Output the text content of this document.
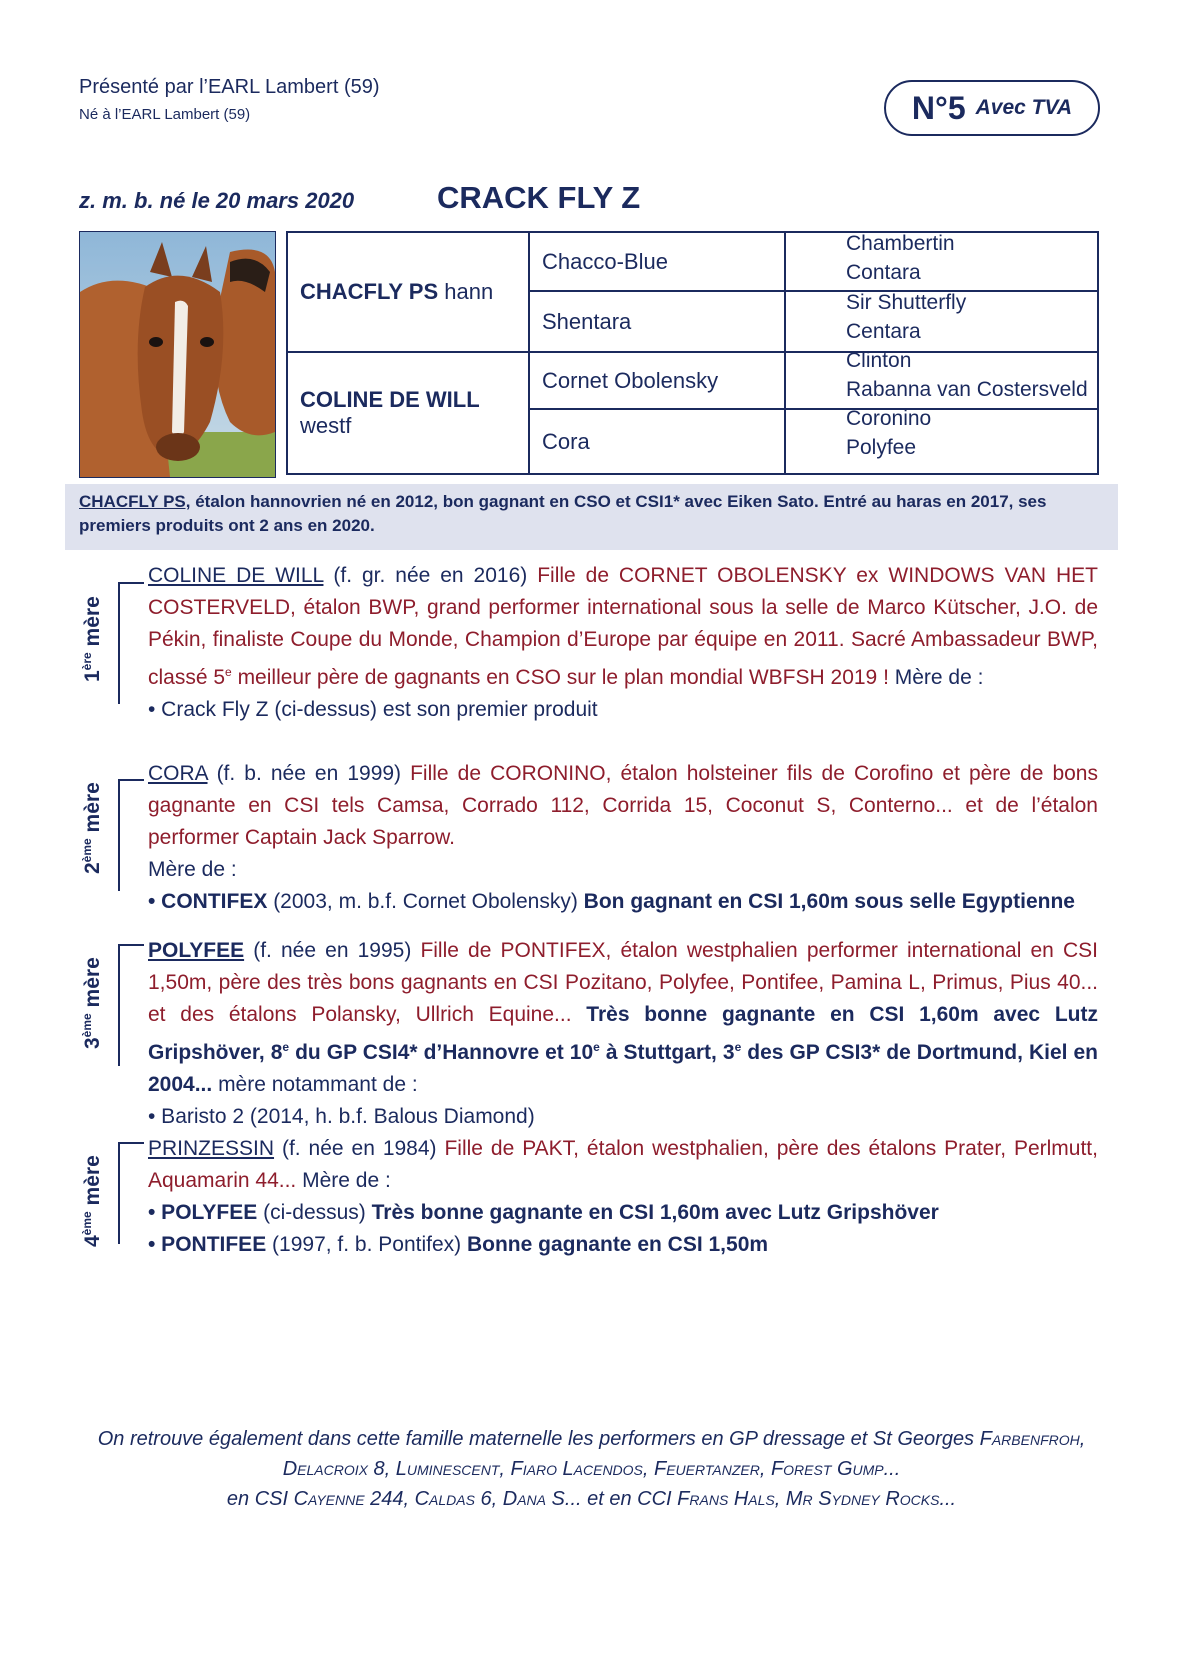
Présenté par l’EARL Lambert (59)
Né à l’EARL Lambert (59)	N°5 Avec TVA
z. m. b. né le 20 mars 2020	CRACK FLY Z
CHACFLY PS hann
COLINE DE WILL westf
Chacco-Blue
Shentara
Cornet Obolensky
Cora
Chambertin
Contara
Sir Shutterfly
Centara
Clinton
Rabanna van Costersveld
Coronino
Polyfee
CHACFLY PS, étalon hannovrien né en 2012, bon gagnant en CSO et CSI1* avec Eiken Sato. Entré au haras en 2017, ses premiers produits ont 2 ans en 2020.
1ère mère

COLINE DE WILL (f. gr. née en 2016) Fille de CORNET OBOLENSKY ex WINDOWS VAN HET COSTERVELD, étalon BWP, grand performer international sous la selle de Marco Kütscher, J.O. de Pékin, finaliste Coupe du Monde, Champion d’Europe par équipe en 2011. Sacré Ambassadeur BWP, classé 5e meilleur père de gagnants en CSO sur le plan mondial WBFSH 2019 ! Mère de :

• Crack Fly Z (ci-dessus) est son premier produit

2ème mère

CORA (f. b. née en 1999) Fille de CORONINO, étalon holsteiner fils de Corofino et père de bons gagnante en CSI tels Camsa, Corrado 112, Corrida 15, Coconut S, Conterno... et de l’étalon performer Captain Jack Sparrow.

Mère de :

• CONTIFEX (2003, m. b.f. Cornet Obolensky) Bon gagnant en CSI 1,60m sous selle Egyptienne

3ème mère

POLYFEE (f. née en 1995) Fille de PONTIFEX, étalon westphalien performer international en CSI 1,50m, père des très bons gagnants en CSI Pozitano, Polyfee, Pontifee, Pamina L, Primus, Pius 40... et des étalons Polansky, Ullrich Equine... Très bonne gagnante en CSI 1,60m avec Lutz Gripshöver, 8e du GP CSI4* d’Hannovre et 10e à Stuttgart, 3e des GP CSI3* de Dortmund, Kiel en 2004... mère notammant de :

• Baristo 2 (2014, h. b.f. Balous Diamond)

4ème mère

PRINZESSIN (f. née en 1984) Fille de PAKT, étalon westphalien, père des étalons Prater, Perlmutt, Aquamarin 44... Mère de :

• POLYFEE (ci-dessus) Très bonne gagnante en CSI 1,60m avec Lutz Gripshöver

• PONTIFEE (1997, f. b. Pontifex) Bonne gagnante en CSI 1,50m

On retrouve également dans cette famille maternelle les performers en GP dressage et St Georges Farbenfroh, Delacroix 8, Luminescent, Fiaro Lacendos, Feuertanzer, Forest Gump...
en CSI Cayenne 244, Caldas 6, Dana S... et en CCI Frans Hals, Mr Sydney Rocks...
